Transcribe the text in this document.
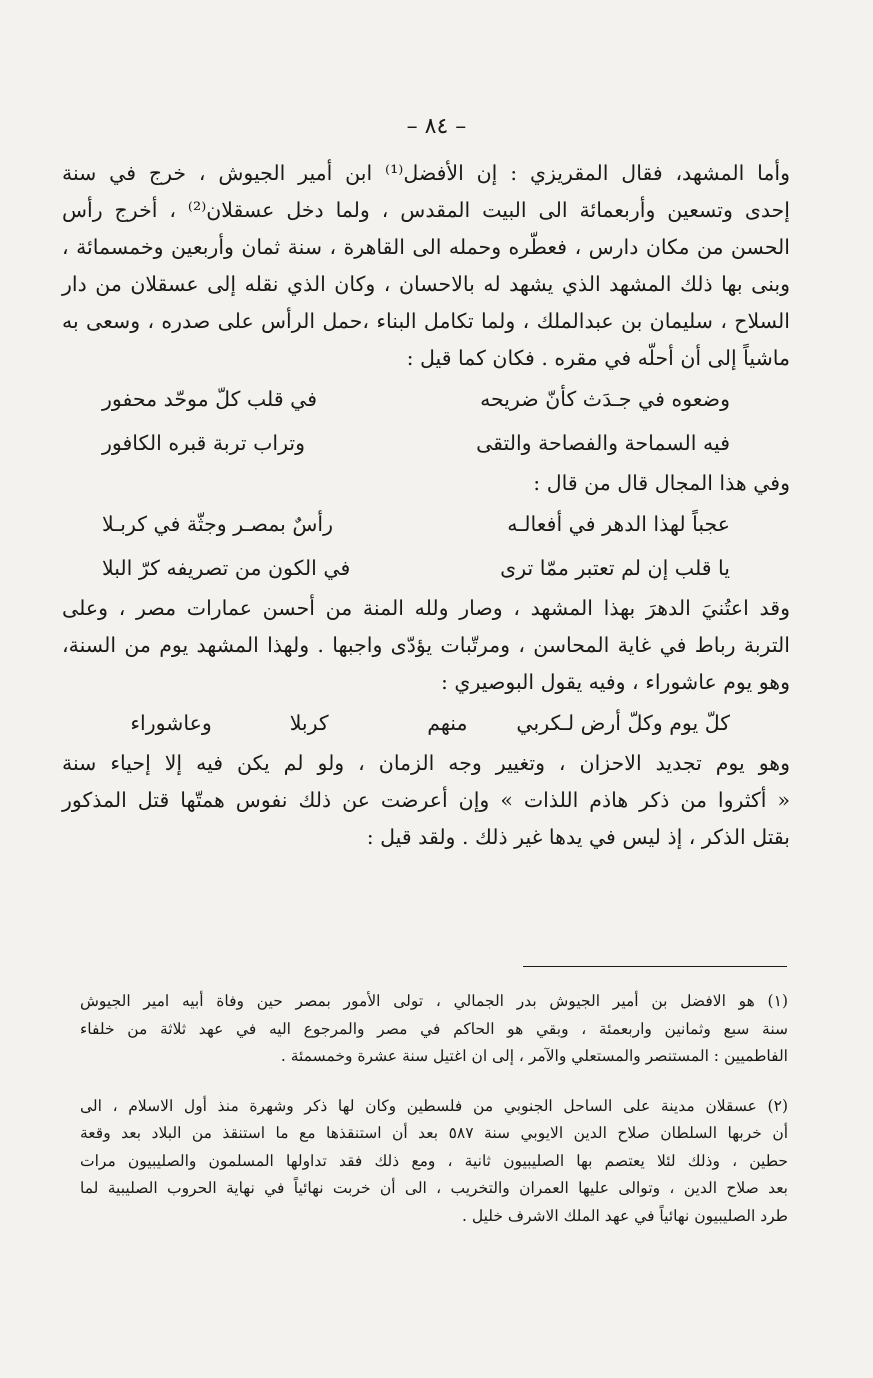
– ٨٤ –

وأما المشهد، فقال المقريزي : إن الأفضل⁽¹⁾ ابن أمير الجيوش ، خرج في سنة

إحدى وتسعين وأربعمائة الى البيت المقدس ، ولما دخل عسقلان⁽²⁾ ، أخرج رأس

الحسن من مكان دارس ، فعطّره وحمله الى القاهرة ، سنة ثمان وأربعين وخمسمائة ،

وبنى بها ذلك المشهد الذي يشهد له بالاحسان ، وكان الذي نقله إلى عسقلان من دار

السلاح ، سليمان بن عبدالملك ، ولما تكامل البناء ،حمل الرأس على صدره ، وسعى به

ماشياً إلى أن أحلّه في مقره . فكان كما قيل :

وضعوه في جـدَث كأنّ ضريحه
في قلب كلّ موحّد محفور
فيه السماحة والفصاحة والتقى
وتراب تربة قبره الكافور

وفي هذا المجال قال من قال :

عجباً لهذا الدهر في أفعالـه
رأسٌ بمصـر وجثّة في كربـلا
يا قلب إن لم تعتبر ممّا ترى
في الكون من تصريفه كرّ البلا

وقد اعتُنيَ الدهرَ بهذا المشهد ، وصار ولله المنة من أحسن عمارات مصر ، وعلى

التربة رباط في غاية المحاسن ، ومرتّبات يؤدّى واجبها . ولهذا المشهد يوم من السنة،

وهو يوم عاشوراء ، وفيه يقول البوصيري :

كلّ يوم وكلّ أرض لـكربي
منهم
كربلا
وعاشوراء

وهو يوم تجديد الاحزان ، وتغيير وجه الزمان ، ولو لم يكن فيه إلا إحياء سنة

« أكثروا من ذكر هاذم اللذات » وإن أعرضت عن ذلك نفوس همتّها قتل المذكور

بقتل الذكر ، إذ ليس في يدها غير ذلك . ولقد قيل :

(١) هو الافضل بن أمير الجيوش بدر الجمالي ، تولى الأمور بمصر حين وفاة أبيه امير الجيوش

سنة سبع وثمانين واربعمئة ، وبقي هو الحاكم في مصر والمرجوع اليه في عهد ثلاثة من خلفاء

الفاطميين : المستنصر والمستعلي والآمر ، إلى ان اغتيل سنة عشرة وخمسمئة .

(٢) عسقلان مدينة على الساحل الجنوبي من فلسطين وكان لها ذكر وشهرة منذ أول الاسلام ، الى

أن خربها السلطان صلاح الدين الايوبي سنة ٥٨٧ بعد أن استنقذها مع ما استنقذ من البلاد بعد وقعة

حطين ، وذلك لئلا يعتصم بها الصليبيون ثانية ، ومع ذلك فقد تداولها المسلمون والصليبيون مرات

بعد صلاح الدين ، وتوالى عليها العمران والتخريب ، الى أن خربت نهائياً في نهاية الحروب الصليبية لما

طرد الصليبيون نهائياً في عهد الملك الاشرف خليل .
